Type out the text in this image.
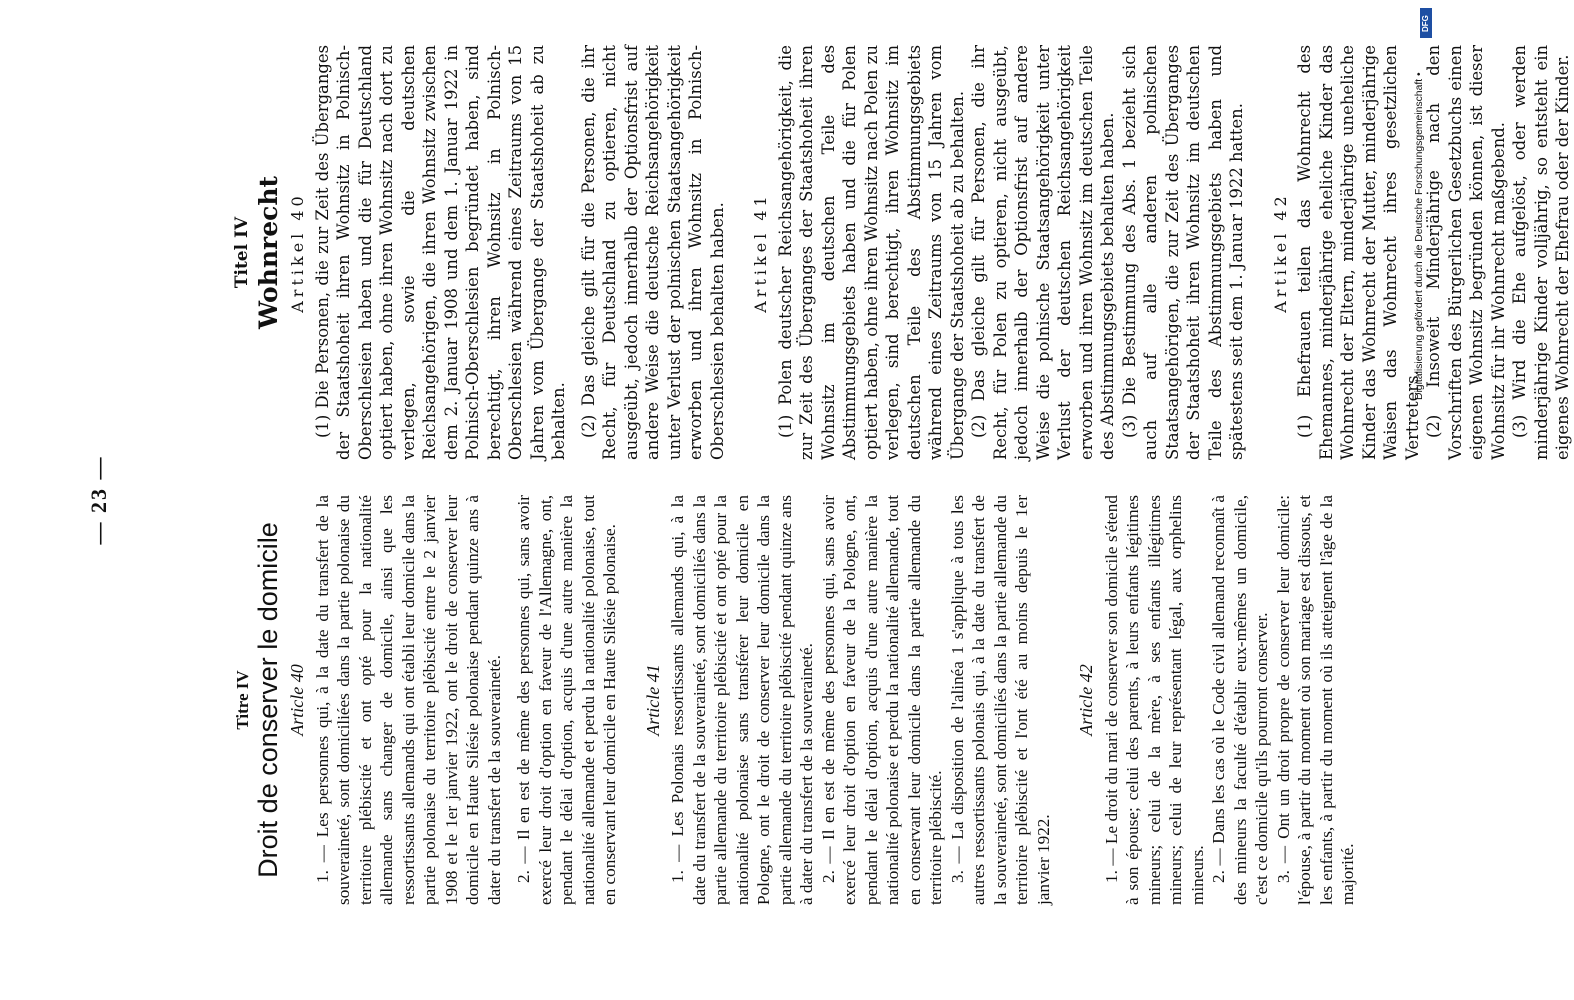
— 23 —
Titre IV Droit de conserver le domicile Article 40 1. — Les personnes qui, à la date du transfert de la souveraineté, sont domiciliées dans la partie polonaise du territoire plébiscité et ont opté pour la nationalité allemande sans changer de domicile, ainsi que les ressortissants allemands qui ont établi leur domicile dans la partie polonaise du territoire plébiscité entre le 2 janvier 1908 et le 1er janvier 1922, ont le droit de conserver leur domicile en Haute Silésie polonaise pendant quinze ans à dater du transfert de la souveraineté. 2. — Il en est de même des personnes qui, sans avoir exercé leur droit d'option en faveur de l'Allemagne, ont, pendant le délai d'option, acquis d'une autre manière la nationalité allemande et perdu la nationalité polonaise, tout en conservant leur domicile en Haute Silésie polonaise. Article 41 1. — Les Polonais ressortissants allemands qui, à la date du transfert de la souveraineté, sont domiciliés dans la partie allemande du territoire plébiscité et ont opté pour la nationalité polonaise sans transférer leur domicile en Pologne, ont le droit de conserver leur domicile dans la partie allemande du territoire plébiscité pendant quinze ans à dater du transfert de la souveraineté. 2. — Il en est de même des personnes qui, sans avoir exercé leur droit d'option en faveur de la Pologne, ont, pendant le délai d'option, acquis d'une autre manière la nationalité polonaise et perdu la nationalité allemande, tout en conservant leur domicile dans la partie allemande du territoire plébiscité. 3. — La disposition de l'alinéa 1 s'applique à tous les autres ressortissants polonais qui, à la date du transfert de la souveraineté, sont domiciliés dans la partie allemande du territoire plébiscité et l'ont été au moins depuis le 1er janvier 1922.

Article 42 1. — Le droit du mari de conserver son domicile s'étend à son épouse; celui des parents, à leurs enfants légitimes mineurs; celui de la mère, à ses enfants illégitimes mineurs; celui de leur représentant légal, aux orphelins mineurs. 2. — Dans les cas où le Code civil allemand reconnaît à des mineurs la faculté d'établir eux-mêmes un domicile, c'est ce domicile qu'ils pourront conserver. 3. — Ont un droit propre de conserver leur domicile: l'épouse, à partir du moment où son mariage est dissous, et les enfants, à partir du moment où ils atteignent l'âge de la majorité.

Titel IV Wohnrecht Artikel 40 (1) Die Personen, die zur Zeit des Überganges der Staatshoheit ihren Wohnsitz in Polnisch-Oberschlesien haben und die für Deutschland optiert haben, ohne ihren Wohnsitz nach dort zu verlegen, sowie die deutschen Reichsangehörigen, die ihren Wohnsitz zwischen dem 2. Januar 1908 und dem 1. Januar 1922 in Polnisch-Oberschlesien begründet haben, sind berechtigt, ihren Wohnsitz in Polnisch-Oberschlesien während eines Zeitraums von 15 Jahren vom Übergange der Staatshoheit ab zu behalten. (2) Das gleiche gilt für die Personen, die ihr Recht, für Deutschland zu optieren, nicht ausgeübt, jedoch innerhalb der Optionsfrist auf andere Weise die deutsche Reichsangehörigkeit unter Verlust der polnischen Staatsangehörigkeit erworben und ihren Wohnsitz in Polnisch-Oberschlesien behalten haben. Artikel 41 (1) Polen deutscher Reichsangehörigkeit, die zur Zeit des Überganges der Staatshoheit ihren Wohnsitz im deutschen Teile des Abstimmungsgebiets haben und die für Polen optiert haben, ohne ihren Wohnsitz nach Polen zu verlegen, sind berechtigt, ihren Wohnsitz im deutschen Teile des Abstimmungsgebiets während eines Zeitraums von 15 Jahren vom Übergange der Staatshoheit ab zu behalten. (2) Das gleiche gilt für Personen, die ihr Recht, für Polen zu optieren, nicht ausgeübt, jedoch innerhalb der Optionsfrist auf andere Weise die polnische Staatsangehörigkeit unter Verlust der deutschen Reichsangehörigkeit erworben und ihren Wohnsitz im deutschen Teile des Abstimmungsgebiets behalten haben. (3) Die Bestimmung des Abs. 1 bezieht sich auch auf alle anderen polnischen Staatsangehörigen, die zur Zeit des Überganges der Staatshoheit ihren Wohnsitz im deutschen Teile des Abstimmungsgebiets haben und spätestens seit dem 1. Januar 1922 hatten. Artikel 42 (1) Ehefrauen teilen das Wohnrecht des Ehemannes, minderjährige eheliche Kinder das Wohnrecht der Eltern, minderjährige uneheliche Kinder das Wohnrecht der Mutter, minderjährige Waisen das Wohnrecht ihres gesetzlichen Vertreters. (2) Insoweit Minderjährige nach den Vorschriften des Bürgerlichen Gesetzbuchs einen eigenen Wohnsitz begründen können, ist dieser Wohnsitz für ihr Wohnrecht maßgebend. (3) Wird die Ehe aufgelöst, oder werden minderjährige Kinder volljährig, so entsteht ein eigenes Wohnrecht der Ehefrau oder der Kinder.

Digitalisierung gefördert durch die Deutsche Forschungsgemeinschaft •
DFG
